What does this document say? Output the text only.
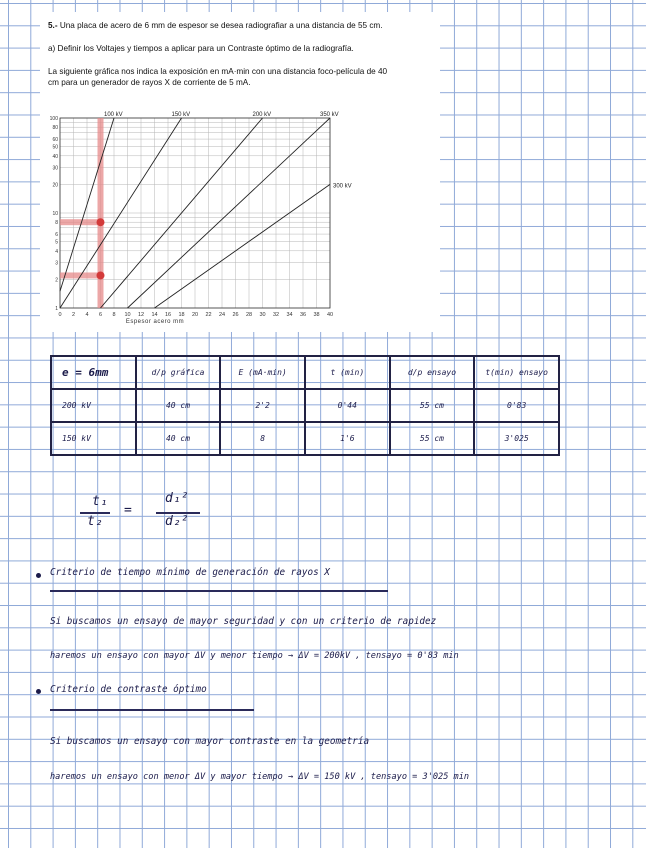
5.- Una placa de acero de 6 mm de espesor se desea radiografiar a una distancia de 55 cm.
a) Definir los Voltajes y tiempos a aplicar para un Contraste óptimo de la radiografía.
La siguiente gráfica nos indica la exposición en mA·min con una distancia foco-película de 40
cm para un generador de rayos X de corriente de 5 mA.
100 kV	150 kV	200 kV
300 kV
350 kV
0 2 4 6 8 10 12 14 16 18 20 22 24 26 28 30 32 34 36 38 40
100
80
60
50
40
30
20
10
8
6
5
4
3
2
1
Espesor acero mm
e = 6mm	d/p gráfica	E (mA·min)	t (min)	d/p ensayo	t(min) ensayo
200 kV	40 cm	2'2	0'44	55 cm	0'83
150 kV	40 cm	8	1'6	55 cm	3'025
t₁
t₂
=
d₁²
d₂²
Criterio de tiempo mínimo de generación de rayos X
Si buscamos un ensayo de mayor seguridad y con un criterio de rapidez
haremos un ensayo con mayor ΔV y menor tiempo → ΔV = 200kV , tensayo = 0'83 min
Criterio de contraste óptimo
Si buscamos un ensayo con mayor contraste en la geometría
haremos un ensayo con menor ΔV y mayor tiempo → ΔV = 150 kV , tensayo = 3'025 min
